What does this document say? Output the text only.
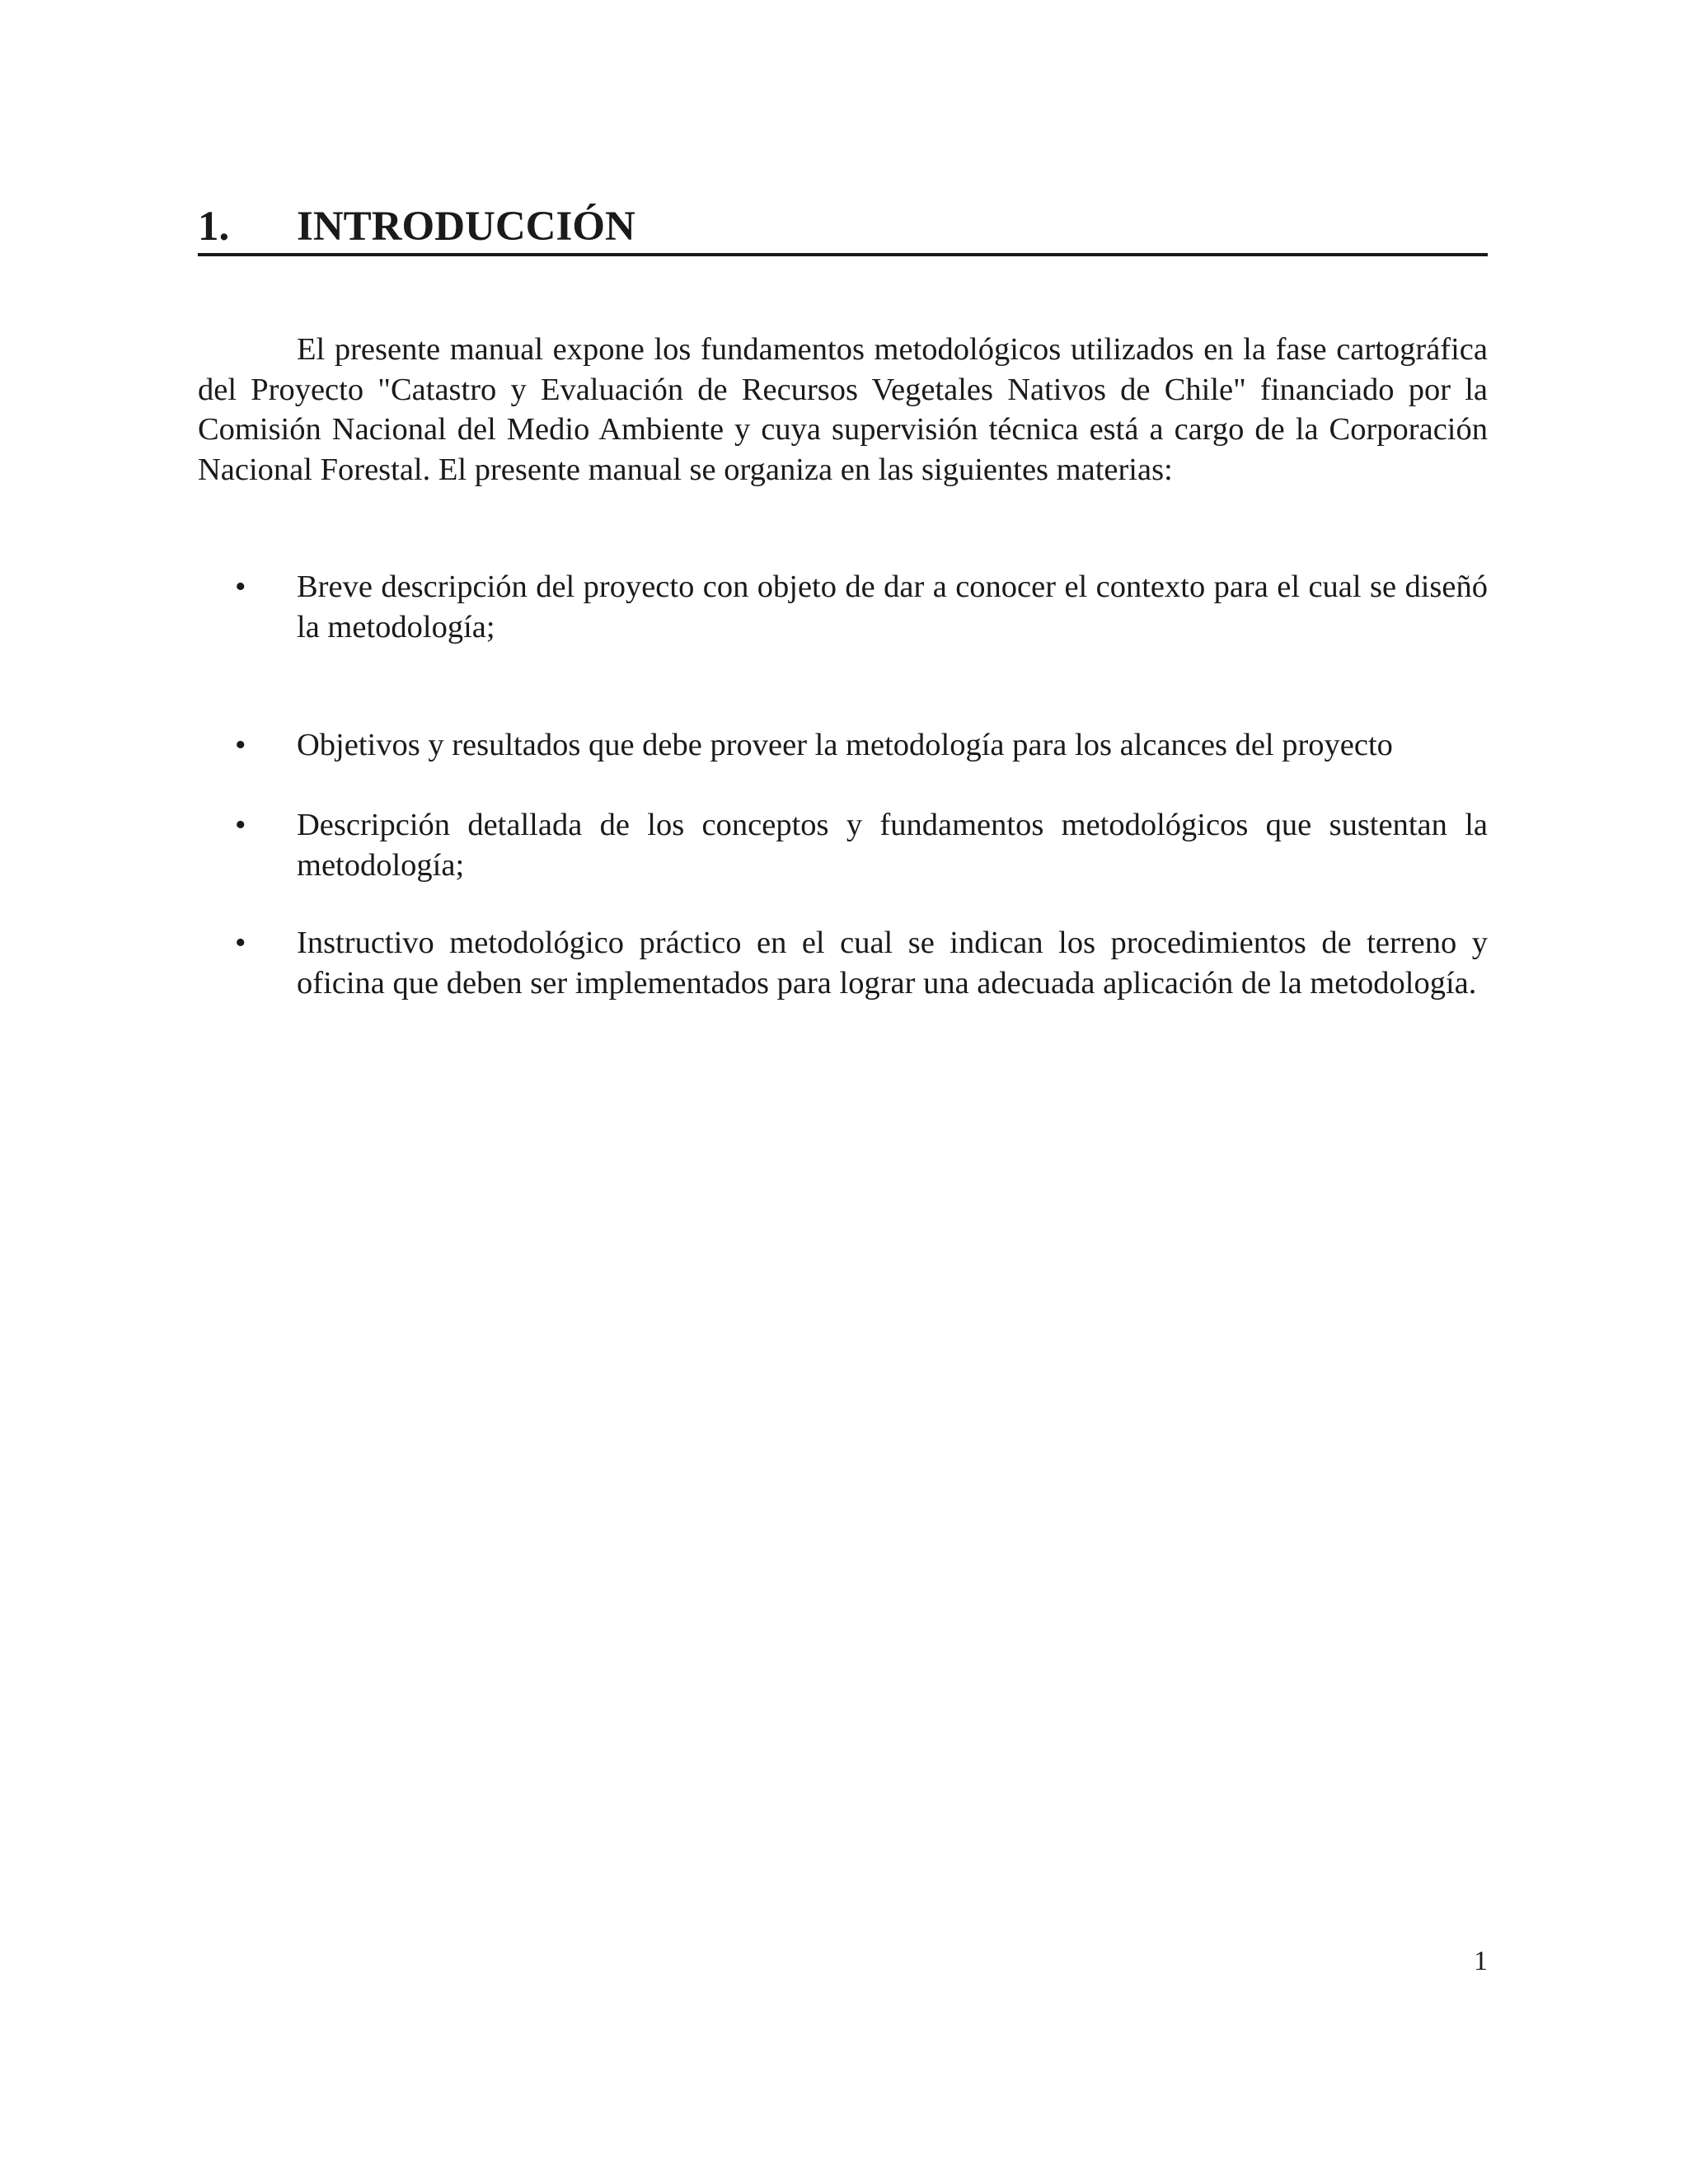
1. INTRODUCCIÓN

El presente manual expone los fundamentos metodológicos utilizados en la fase cartográfica del Proyecto "Catastro y Evaluación de Recursos Vegetales Nativos de Chile" financiado por la Comisión Nacional del Medio Ambiente y cuya supervisión técnica está a cargo de la Corporación Nacional Forestal. El presente manual se organiza en las siguientes materias:

• Breve descripción del proyecto con objeto de dar a conocer el contexto para el cual se diseñó la metodología;
• Objetivos y resultados que debe proveer la metodología para los alcances del proyecto
• Descripción detallada de los conceptos y fundamentos metodológicos que sustentan la metodología;
• Instructivo metodológico práctico en el cual se indican los procedimientos de terreno y oficina que deben ser implementados para lograr una adecuada aplicación de la metodología.
1
